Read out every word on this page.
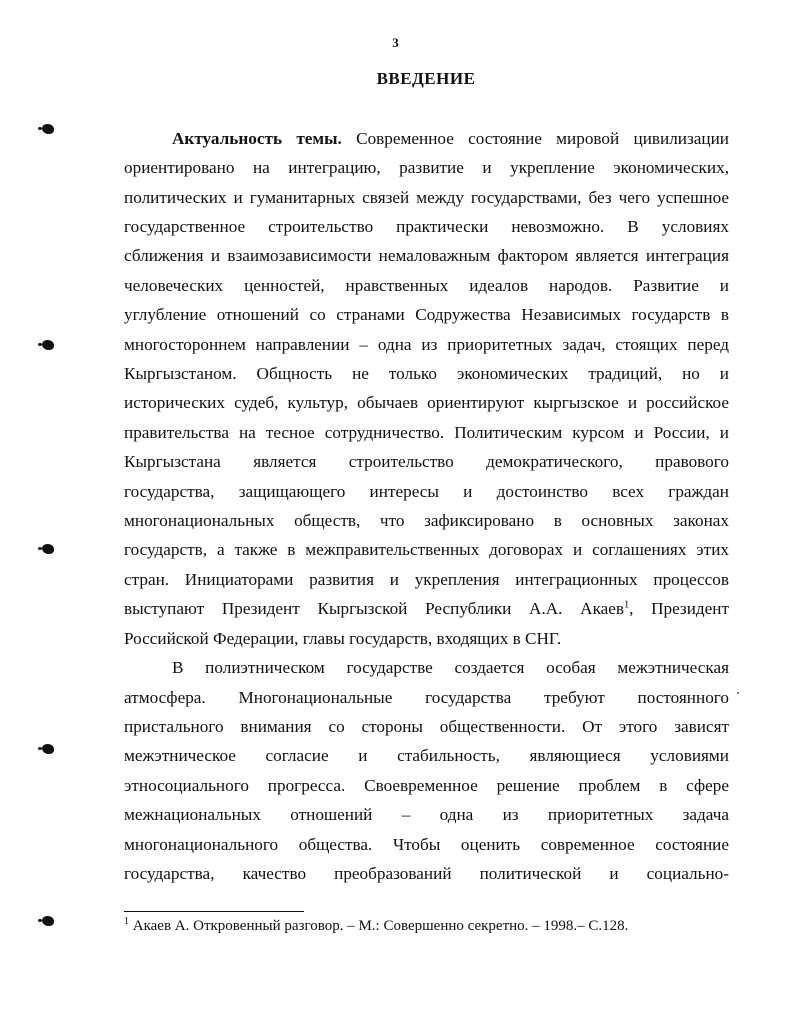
3
ВВЕДЕНИЕ
Актуальность темы. Современное состояние мировой цивилизации
ориентировано на интеграцию, развитие и укрепление экономических,
политических и гуманитарных связей между государствами, без чего успешное
государственное строительство практически невозможно. В условиях
сближения и взаимозависимости немаловажным фактором является интеграция
человеческих ценностей, нравственных идеалов народов. Развитие и
углубление отношений со странами Содружества Независимых государств в
многостороннем направлении – одна из приоритетных задач, стоящих перед
Кыргызстаном. Общность не только экономических традиций, но и
исторических судеб, культур, обычаев ориентируют кыргызское и российское
правительства на тесное сотрудничество. Политическим курсом и России, и
Кыргызстана является строительство демократического, правового
государства, защищающего интересы и достоинство всех граждан
многонациональных обществ, что зафиксировано в основных законах
государств, а также в межправительственных договорах и соглашениях этих
стран. Инициаторами развития и укрепления интеграционных процессов
выступают Президент Кыргызской Республики А.А. Акаев$^1$, Президент
Российской Федерации, главы государств, входящих в СНГ.
В полиэтническом государстве создается особая межэтническая
атмосфера. Многонациональные государства требуют постоянного
пристального внимания со стороны общественности. От этого зависят
межэтническое согласие и стабильность, являющиеся условиями
этносоциального прогресса. Своевременное решение проблем в сфере
межнациональных отношений – одна из приоритетных задача
многонационального общества. Чтобы оценить современное состояние
государства, качество преобразований политической и социально-
$^1$ Акаев А. Откровенный разговор. – М.: Совершенно секретно. – 1998.– С.128.
